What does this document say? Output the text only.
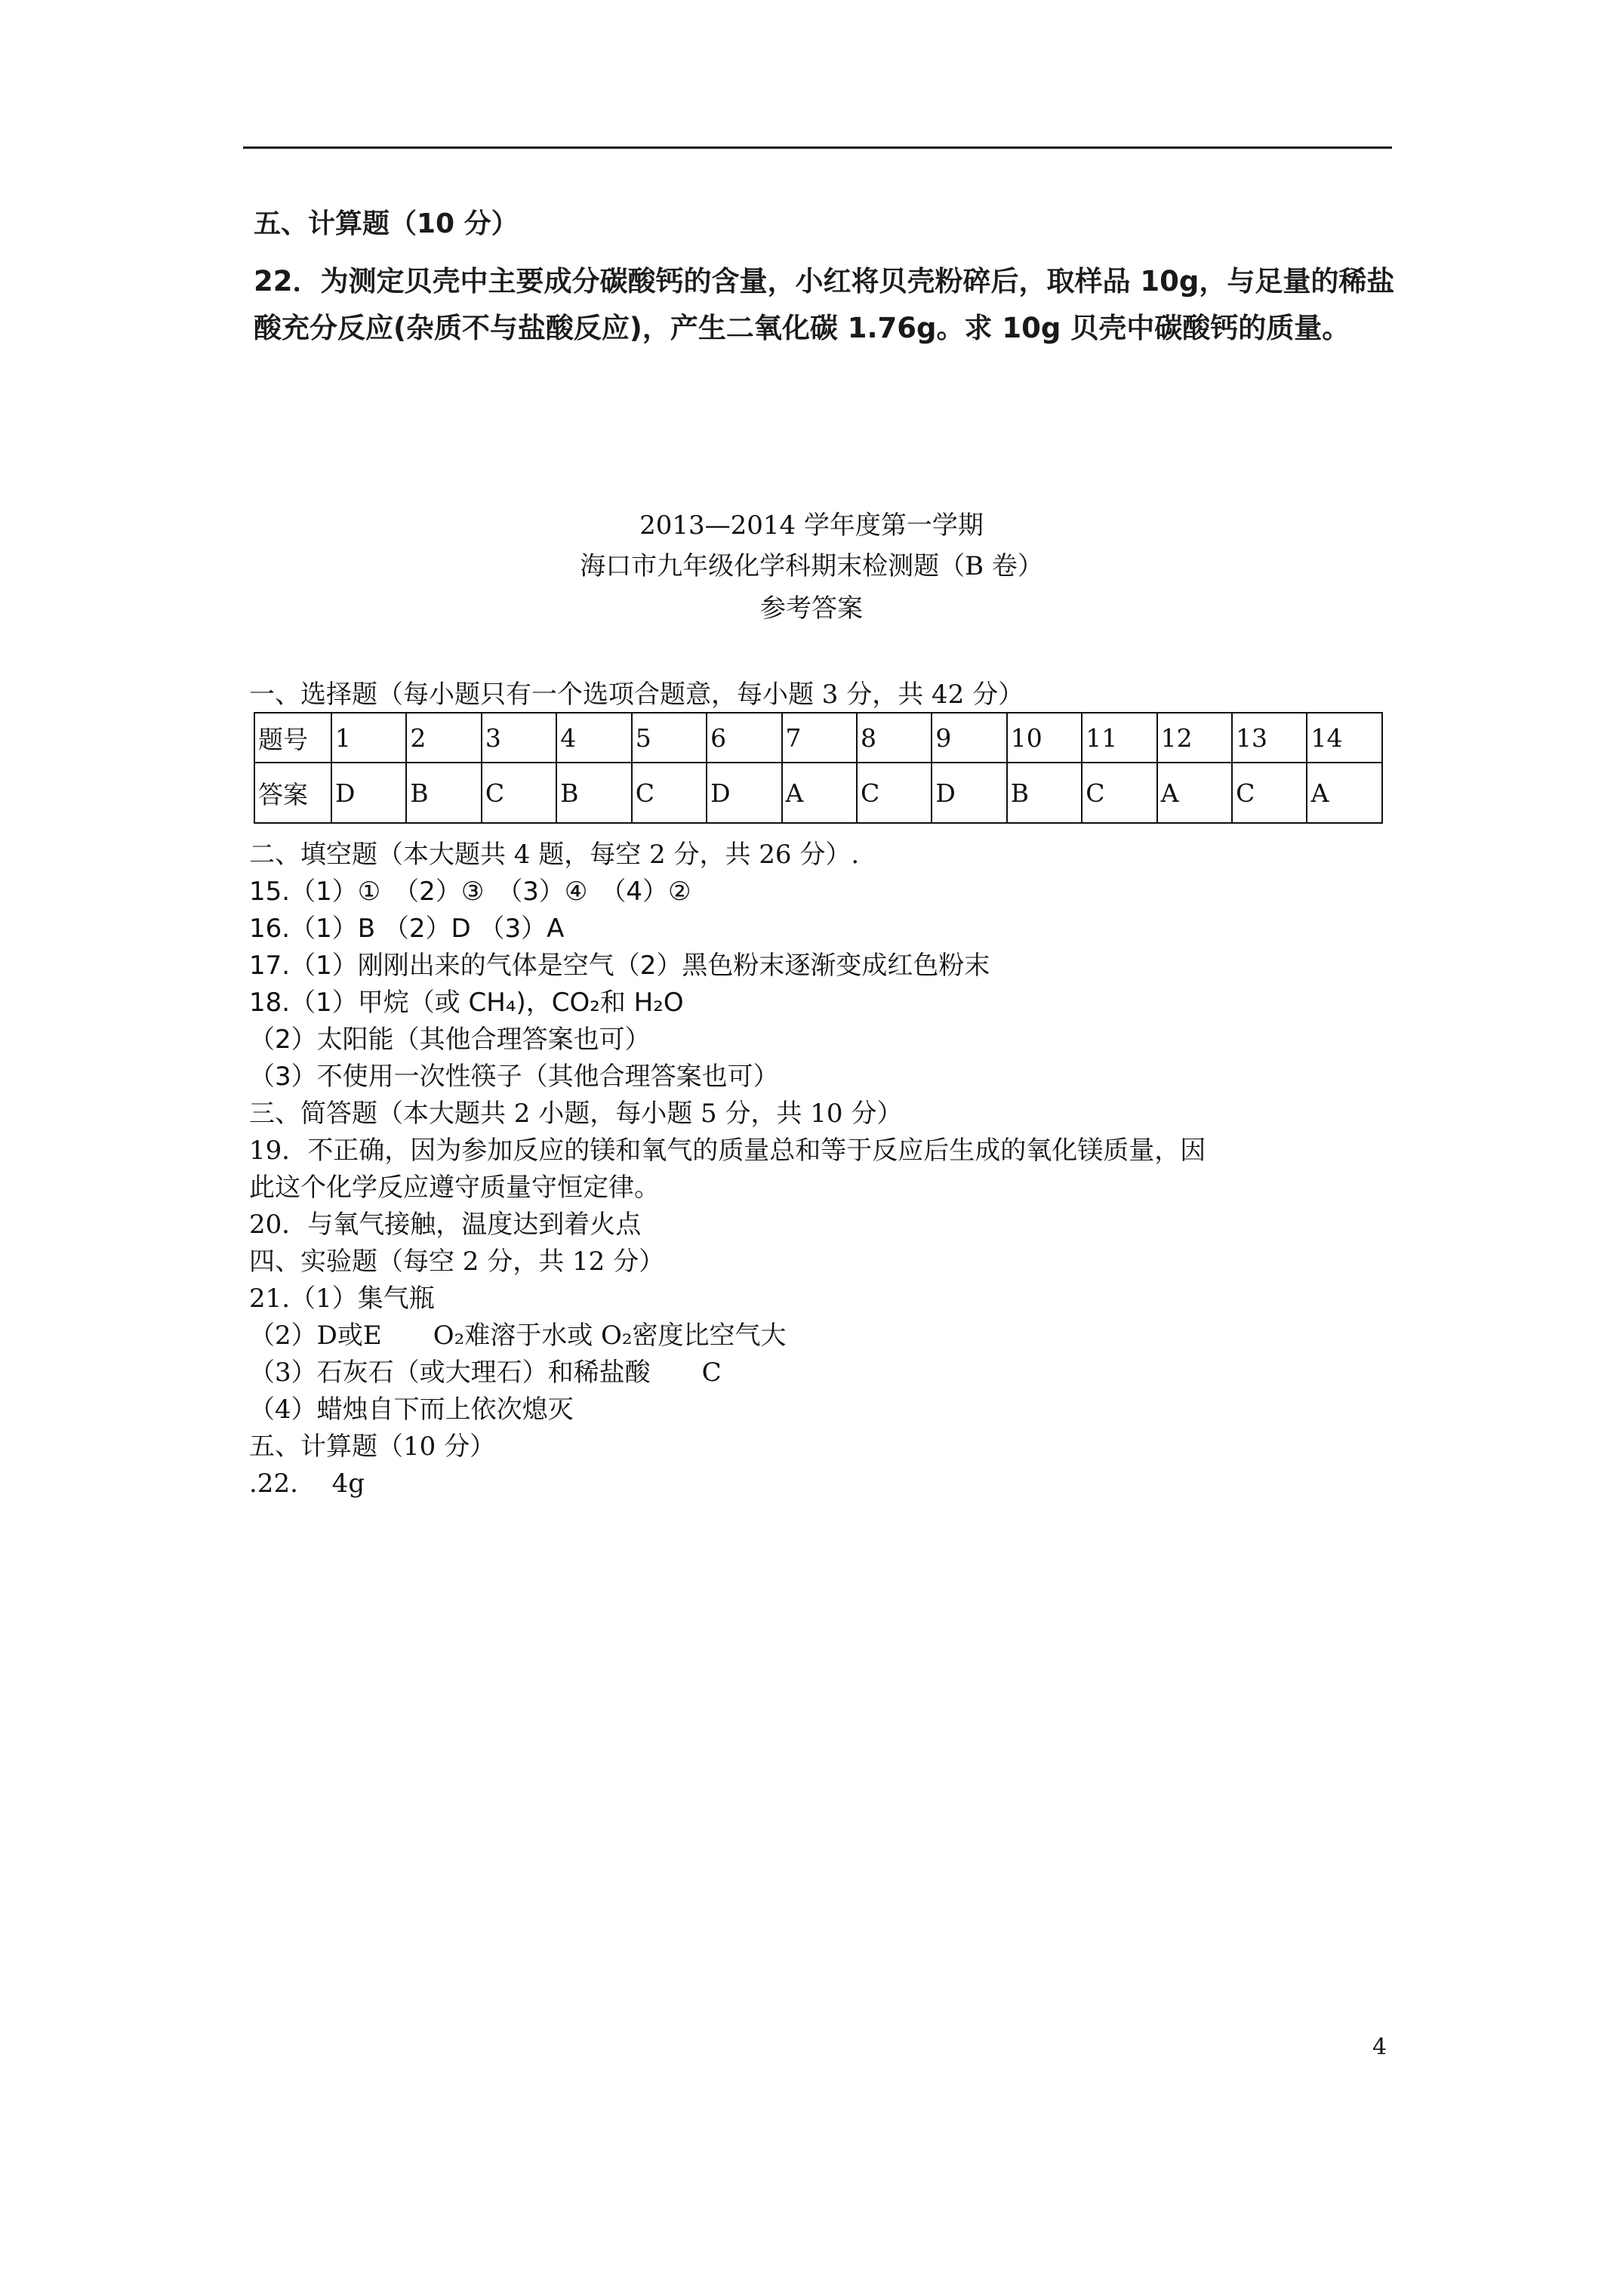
五、计算题（10 分）
22．为测定贝壳中主要成分碳酸钙的含量，小红将贝壳粉碎后，取样品 10g，与足量的稀盐
酸充分反应(杂质不与盐酸反应)，产生二氧化碳 1.76g。求 10g 贝壳中碳酸钙的质量。
2013—2014 学年度第一学期
海口市九年级化学科期末检测题（B 卷）
参考答案
一、选择题（每小题只有一个选项合题意，每小题 3 分，共 42 分）
题号	1	2	3	4	5	6	7	8	9	10	11	12	13	14
答案	D	B	C	B	C	D	A	C	D	B	C	A	C	A
二、填空题（本大题共 4 题，每空 2 分，共 26 分）.
15.（1）①　（2）③　（3）④　（4）②
16.（1）B （2）D （3）A
17.（1）刚刚出来的气体是空气（2）黑色粉末逐渐变成红色粉末
18.（1）甲烷（或 CH₄)，CO₂和 H₂O
（2）太阳能（其他合理答案也可）
（3）不使用一次性筷子（其他合理答案也可）
三、简答题（本大题共 2 小题，每小题 5 分，共 10 分）
19．不正确，因为参加反应的镁和氧气的质量总和等于反应后生成的氧化镁质量，因
此这个化学反应遵守质量守恒定律。
20．与氧气接触，温度达到着火点
四、实验题（每空 2 分，共 12 分）
21.（1）集气瓶
（2）D或E　　O₂难溶于水或 O₂密度比空气大
（3）石灰石（或大理石）和稀盐酸　　C
（4）蜡烛自下而上依次熄灭
五、计算题（10 分）
.22.　 4g
4
